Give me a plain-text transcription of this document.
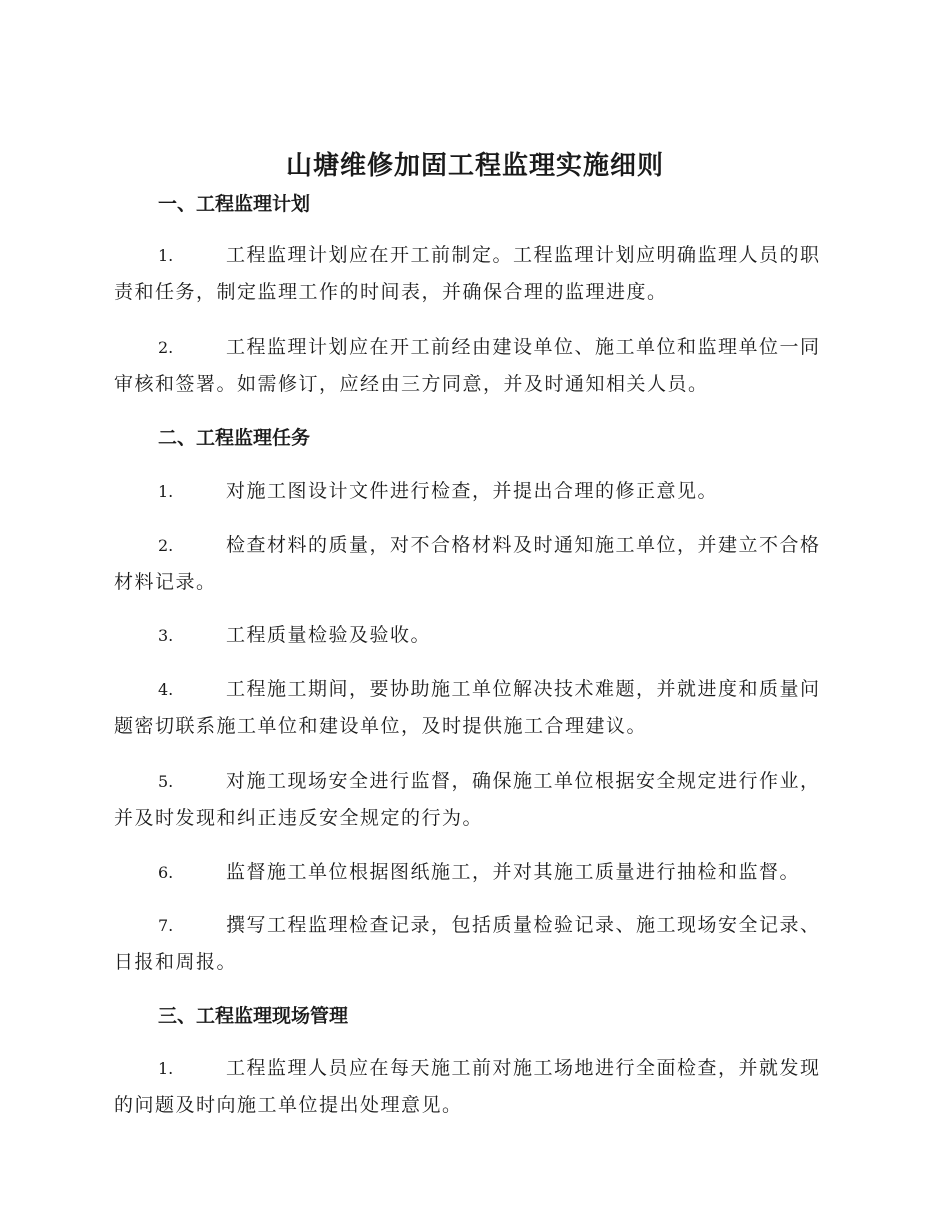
山塘维修加固工程监理实施细则
一、工程监理计划

1.	工程监理计划应在开工前制定。工程监理计划应明确监理人员的职责和任务，制定监理工作的时间表，并确保合理的监理进度。

2.	工程监理计划应在开工前经由建设单位、施工单位和监理单位一同审核和签署。如需修订，应经由三方同意，并及时通知相关人员。

二、工程监理任务

1.	对施工图设计文件进行检查，并提出合理的修正意见。

2.	检查材料的质量，对不合格材料及时通知施工单位，并建立不合格材料记录。

3.	工程质量检验及验收。

4.	工程施工期间，要协助施工单位解决技术难题，并就进度和质量问题密切联系施工单位和建设单位，及时提供施工合理建议。

5.	对施工现场安全进行监督，确保施工单位根据安全规定进行作业，并及时发现和纠正违反安全规定的行为。

6.	监督施工单位根据图纸施工，并对其施工质量进行抽检和监督。

7.	撰写工程监理检查记录，包括质量检验记录、施工现场安全记录、日报和周报。

三、工程监理现场管理

1.	工程监理人员应在每天施工前对施工场地进行全面检查，并就发现的问题及时向施工单位提出处理意见。
